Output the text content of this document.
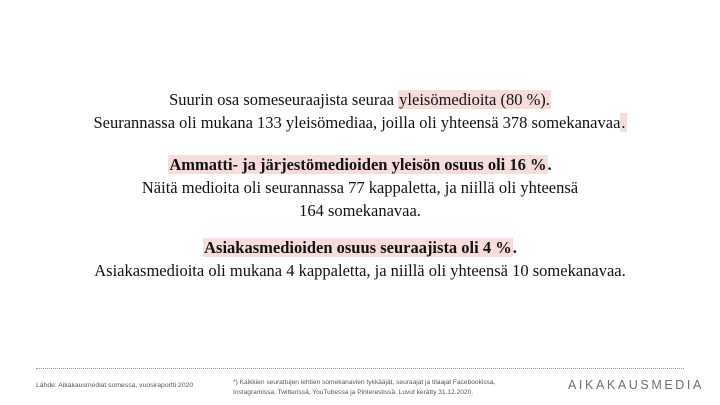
Suurin osa someseuraajista seuraa yleisömedioita (80 %).
Seurannassa oli mukana 133 yleisömediaa, joilla oli yhteensä 378 somekanavaa.
Ammatti- ja järjestömedioiden yleisön osuus oli 16 %.
Näitä medioita oli seurannassa 77 kappaletta, ja niillä oli yhteensä
164 somekanavaa.
Asiakasmedioiden osuus seuraajista oli 4 %.
Asiakasmedioita oli mukana 4 kappaletta, ja niillä oli yhteensä 10 somekanavaa.
Lähde: Aikakausmediat somessa, vuosiraportti 2020	*) Kaikkien seurattujen lehtien somekanavien tykkääjät, seuraajat ja tilaajat Facebookissa,
Instagramissa, Twitterissä, YouTubessa ja Pinterestissä. Luvut kerätty 31.12.2020.	AIKAKAUSMEDIA
